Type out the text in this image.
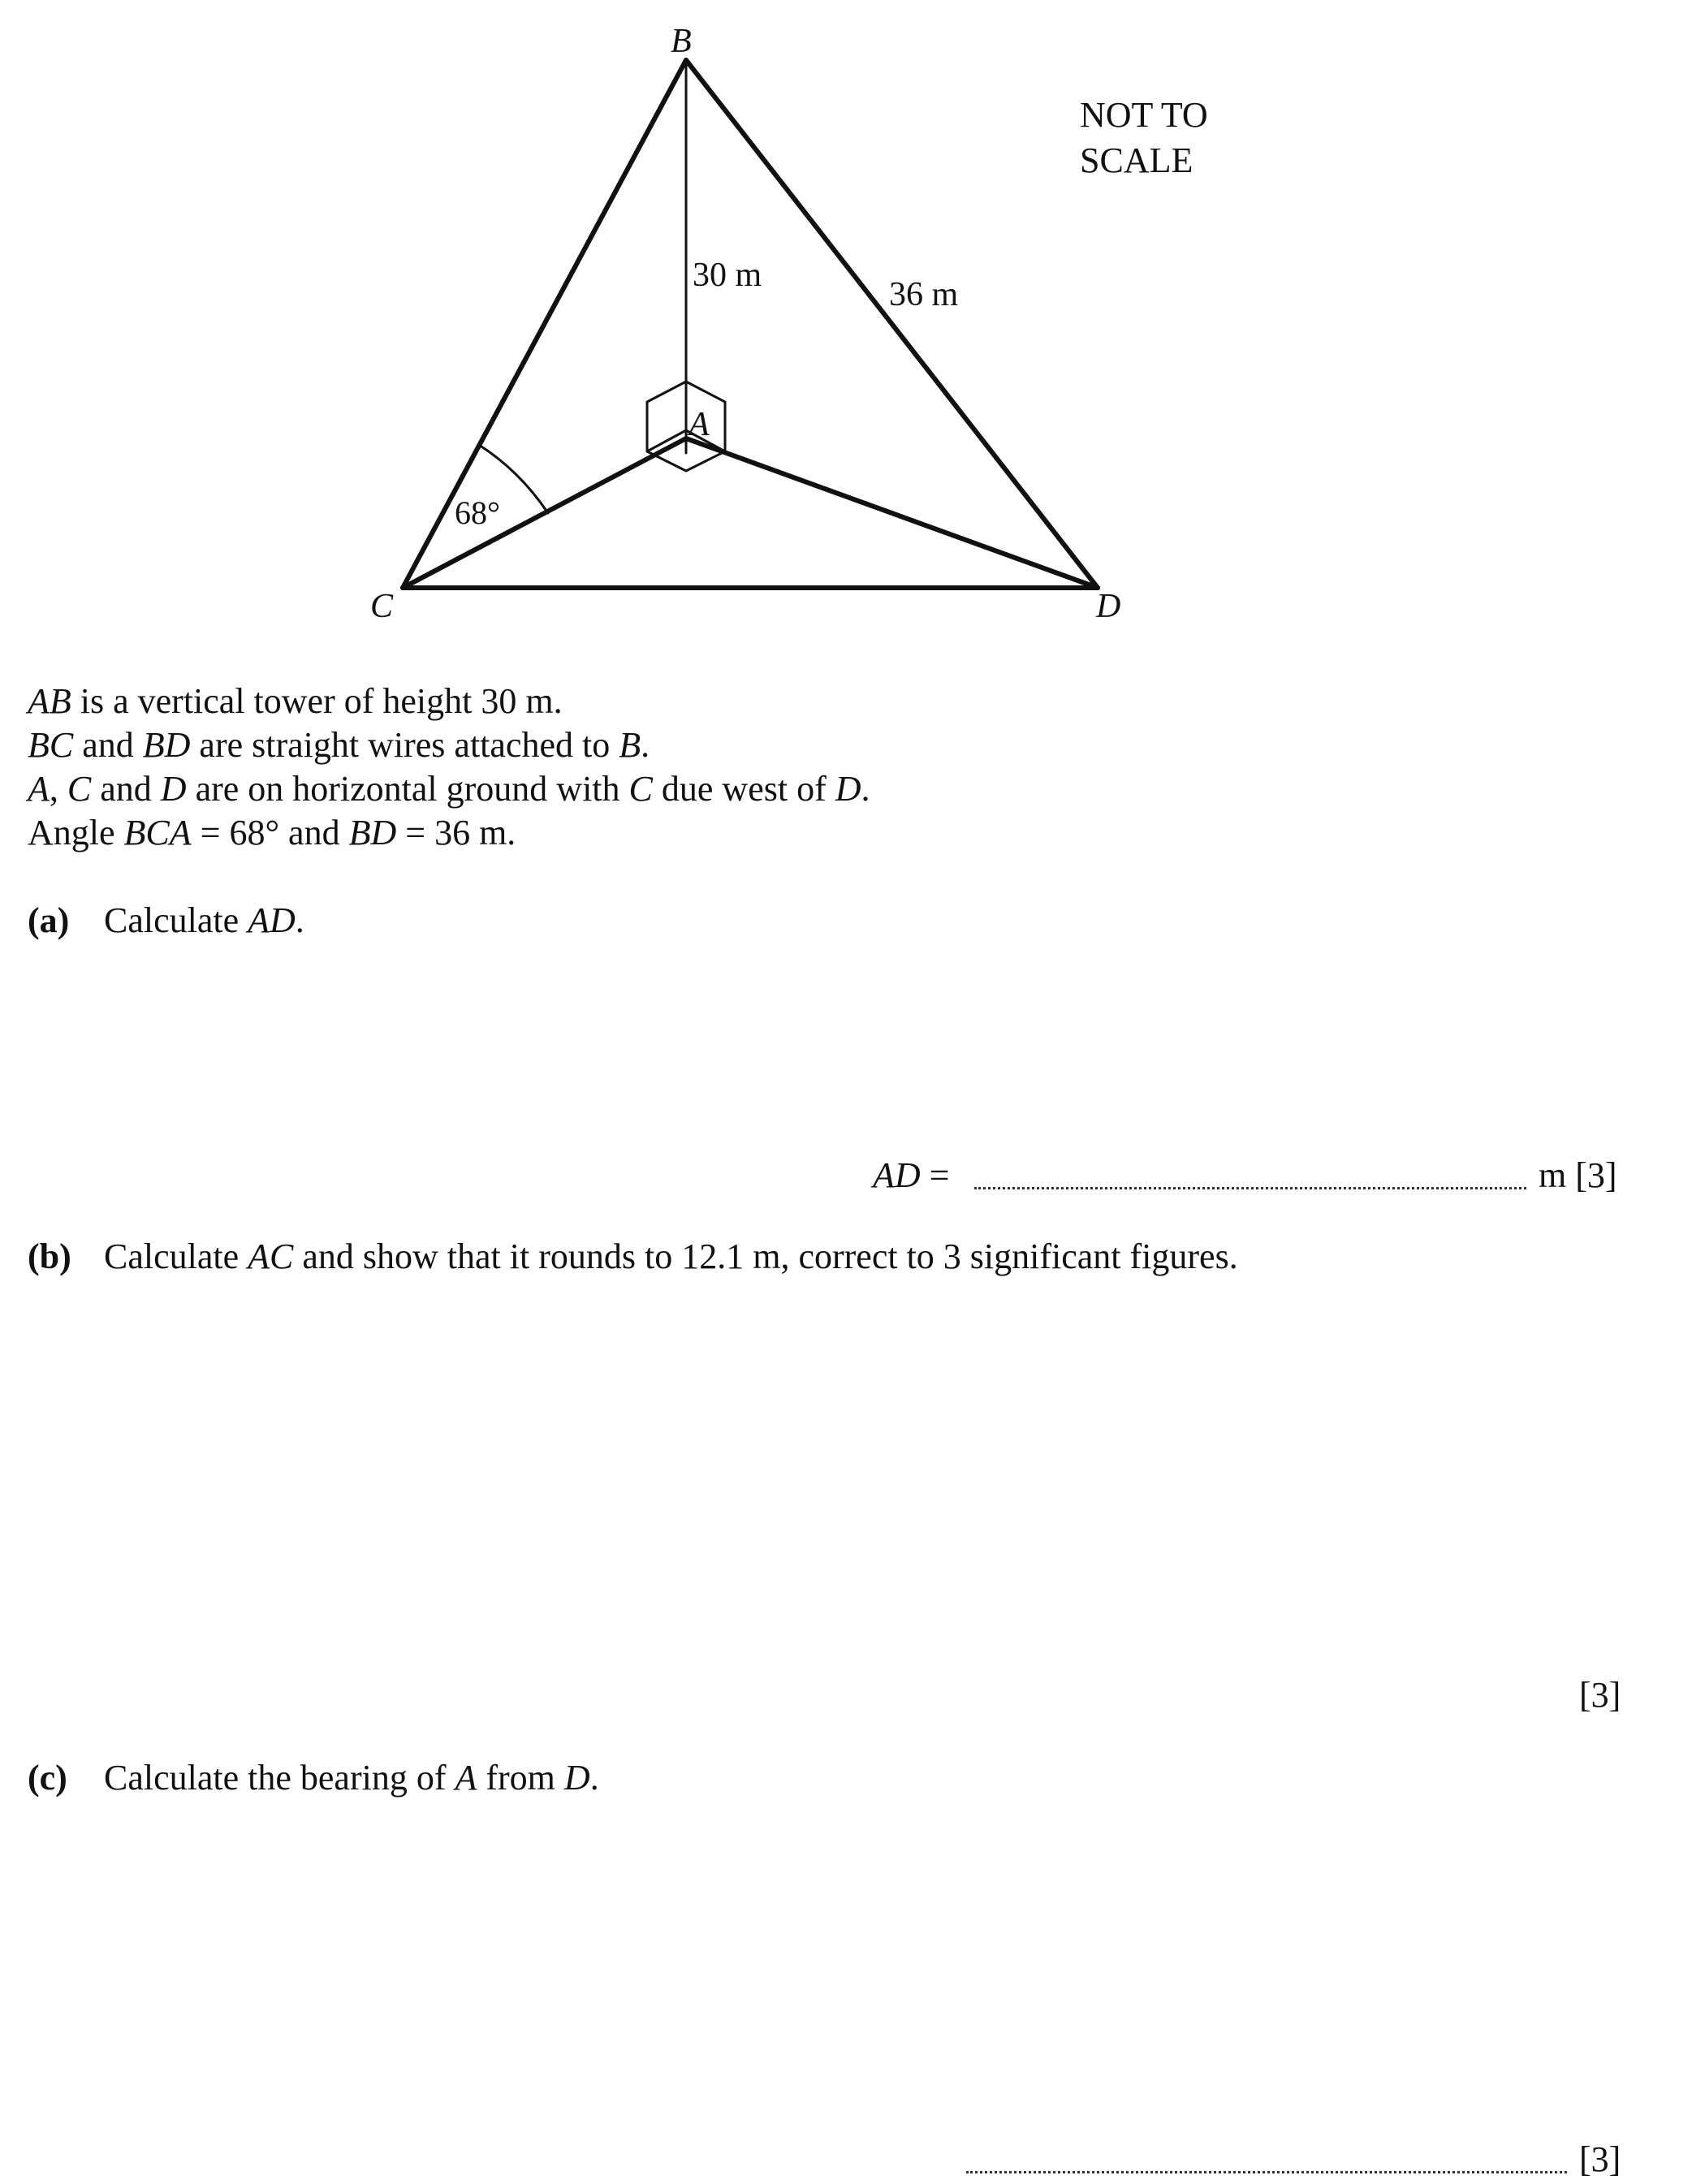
B
A
C	D
30 m
36 m
68°
NOT TO
SCALE
AB is a vertical tower of height 30 m.
BC and BD are straight wires attached to B.
A, C and D are on horizontal ground with C due west of D.
Angle BCA = 68° and BD = 36 m.
(a) Calculate AD.
AD =	m [3]
(b) Calculate AC and show that it rounds to 12.1 m, correct to 3 significant figures.
[3]
(c) Calculate the bearing of A from D.
[3]
